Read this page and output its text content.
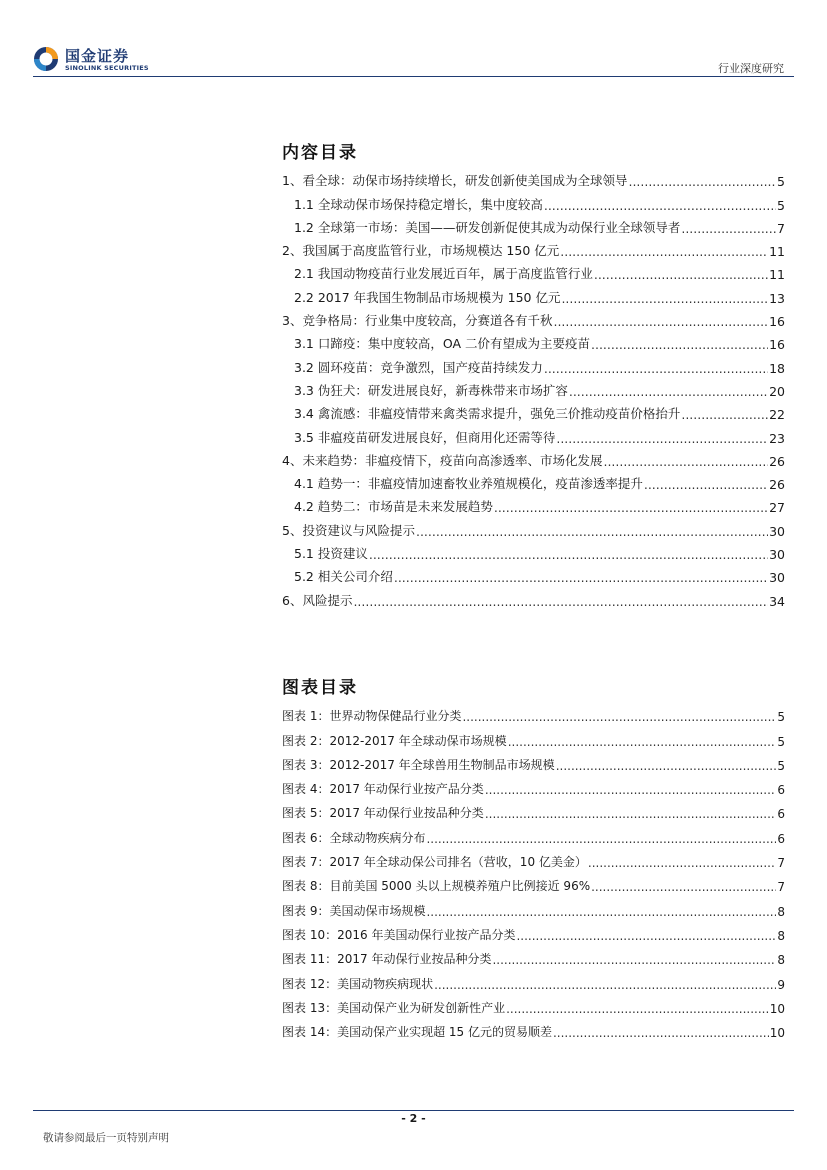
国金证券
SINOLINK SECURITIES	行业深度研究
内容目录
1、看全球：动保市场持续增长，研发创新使美国成为全球领导 .....	5
1.1 全球动保市场保持稳定增长，集中度较高 .....	5
1.2 全球第一市场：美国——研发创新促使其成为动保行业全球领导者 .....	7
2、我国属于高度监管行业，市场规模达 150 亿元 .....	11
2.1 我国动物疫苗行业发展近百年，属于高度监管行业 .....	11
2.2 2017 年我国生物制品市场规模为 150 亿元 .....	13
3、竞争格局：行业集中度较高，分赛道各有千秋 .....	16
3.1 口蹄疫：集中度较高，OA 二价有望成为主要疫苗 .....	16
3.2 圆环疫苗：竞争激烈，国产疫苗持续发力 .....	18
3.3 伪狂犬：研发进展良好，新毒株带来市场扩容 .....	20
3.4 禽流感：非瘟疫情带来禽类需求提升，强免三价推动疫苗价格抬升 .....	22
3.5 非瘟疫苗研发进展良好，但商用化还需等待 .....	23
4、未来趋势：非瘟疫情下，疫苗向高渗透率、市场化发展 .....	26
4.1 趋势一：非瘟疫情加速畜牧业养殖规模化，疫苗渗透率提升 .....	26
4.2 趋势二：市场苗是未来发展趋势 .....	27
5、投资建议与风险提示 .....	30
5.1 投资建议 .....	30
5.2 相关公司介绍 .....	30
6、风险提示 .....	34
图表目录
图表 1：世界动物保健品行业分类 .....	5
图表 2：2012-2017 年全球动保市场规模 .....	5
图表 3：2012-2017 年全球兽用生物制品市场规模 .....	5
图表 4：2017 年动保行业按产品分类 .....	6
图表 5：2017 年动保行业按品种分类 .....	6
图表 6：全球动物疾病分布 .....	6
图表 7：2017 年全球动保公司排名（营收，10 亿美金） .....	7
图表 8：目前美国 5000 头以上规模养殖户比例接近 96% .....	7
图表 9：美国动保市场规模 .....	8
图表 10：2016 年美国动保行业按产品分类 .....	8
图表 11：2017 年动保行业按品种分类 .....	8
图表 12：美国动物疾病现状 .....	9
图表 13：美国动保产业为研发创新性产业 .....	10
图表 14：美国动保产业实现超 15 亿元的贸易顺差 .....	10
- 2 -
敬请参阅最后一页特别声明
